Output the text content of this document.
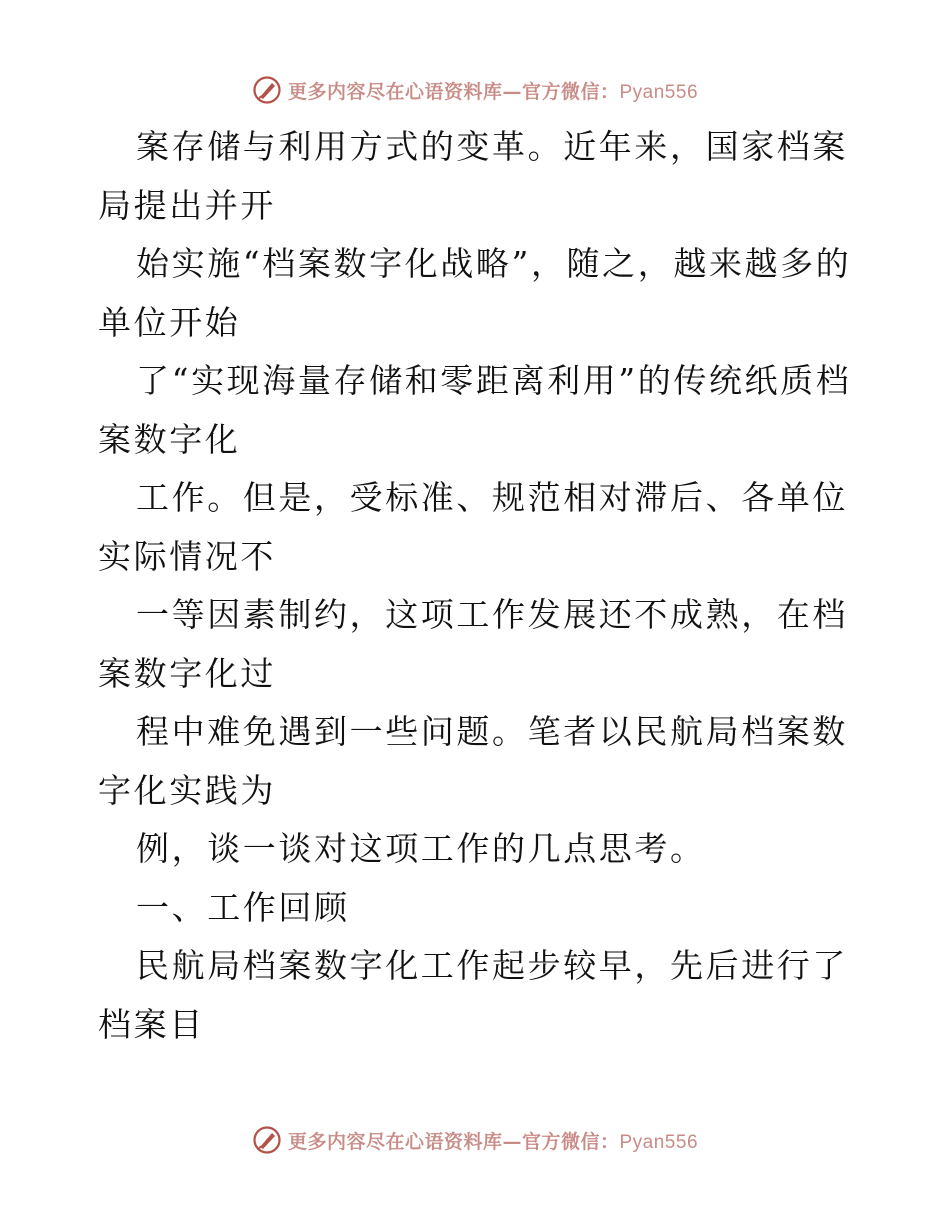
更多内容尽在心语资料库—官方微信：Pyan556

案存储与利用方式的变革。近年来，国家档案局提出并开

始实施“档案数字化战略”，随之，越来越多的单位开始

了“实现海量存储和零距离利用”的传统纸质档案数字化

工作。但是，受标准、规范相对滞后、各单位实际情况不

一等因素制约，这项工作发展还不成熟，在档案数字化过

程中难免遇到一些问题。笔者以民航局档案数字化实践为

例，谈一谈对这项工作的几点思考。

一、工作回顾

民航局档案数字化工作起步较早，先后进行了档案目

更多内容尽在心语资料库—官方微信：Pyan556
